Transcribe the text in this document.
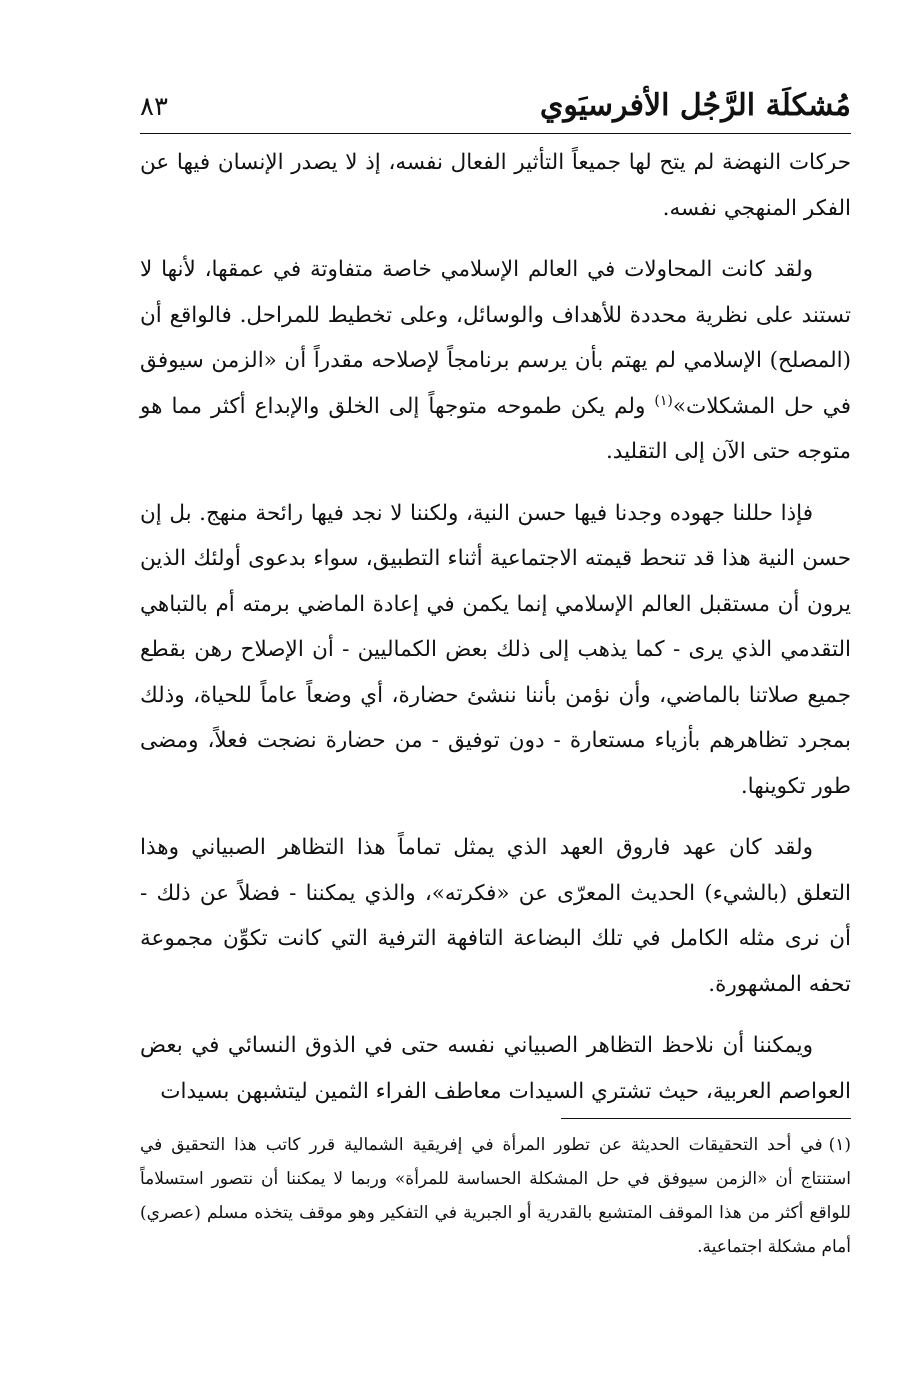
مُشكلَة الرَّجُل الأفرسيَوي
٨٣

حركات النهضة لم يتح لها جميعاً التأثير الفعال نفسه، إذ لا يصدر الإنسان فيها عن الفكر المنهجي نفسه.

ولقد كانت المحاولات في العالم الإسلامي خاصة متفاوتة في عمقها، لأنها لا تستند على نظرية محددة للأهداف والوسائل، وعلى تخطيط للمراحل. فالواقع أن (المصلح) الإسلامي لم يهتم بأن يرسم برنامجاً لإصلاحه مقدراً أن «الزمن سيوفق في حل المشكلات»$^{(١)}$ ولم يكن طموحه متوجهاً إلى الخلق والإبداع أكثر مما هو متوجه حتى الآن إلى التقليد.

فإذا حللنا جهوده وجدنا فيها حسن النية، ولكننا لا نجد فيها رائحة منهج. بل إن حسن النية هذا قد تنحط قيمته الاجتماعية أثناء التطبيق، سواء بدعوى أولئك الذين يرون أن مستقبل العالم الإسلامي إنما يكمن في إعادة الماضي برمته أم بالتباهي التقدمي الذي يرى - كما يذهب إلى ذلك بعض الكماليين - أن الإصلاح رهن بقطع جميع صلاتنا بالماضي، وأن نؤمن بأننا ننشئ حضارة، أي وضعاً عاماً للحياة، وذلك بمجرد تظاهرهم بأزياء مستعارة - دون توفيق - من حضارة نضجت فعلاً، ومضى طور تكوينها.

ولقد كان عهد فاروق العهد الذي يمثل تماماً هذا التظاهر الصبياني وهذا التعلق (بالشيء) الحديث المعرّى عن «فكرته»، والذي يمكننا - فضلاً عن ذلك - أن نرى مثله الكامل في تلك البضاعة التافهة الترفية التي كانت تكوِّن مجموعة تحفه المشهورة.

ويمكننا أن نلاحظ التظاهر الصبياني نفسه حتى في الذوق النسائي في بعض العواصم العربية، حيث تشتري السيدات معاطف الفراء الثمين ليتشبهن بسيدات

(١)في أحد التحقيقات الحديثة عن تطور المرأة في إفريقية الشمالية قرر كاتب هذا التحقيق في استنتاج أن «الزمن سيوفق في حل المشكلة الحساسة للمرأة» وربما لا يمكننا أن نتصور استسلاماً للواقع أكثر من هذا الموقف المتشبع بالقدرية أو الجبرية في التفكير وهو موقف يتخذه مسلم (عصري) أمام مشكلة اجتماعية.
